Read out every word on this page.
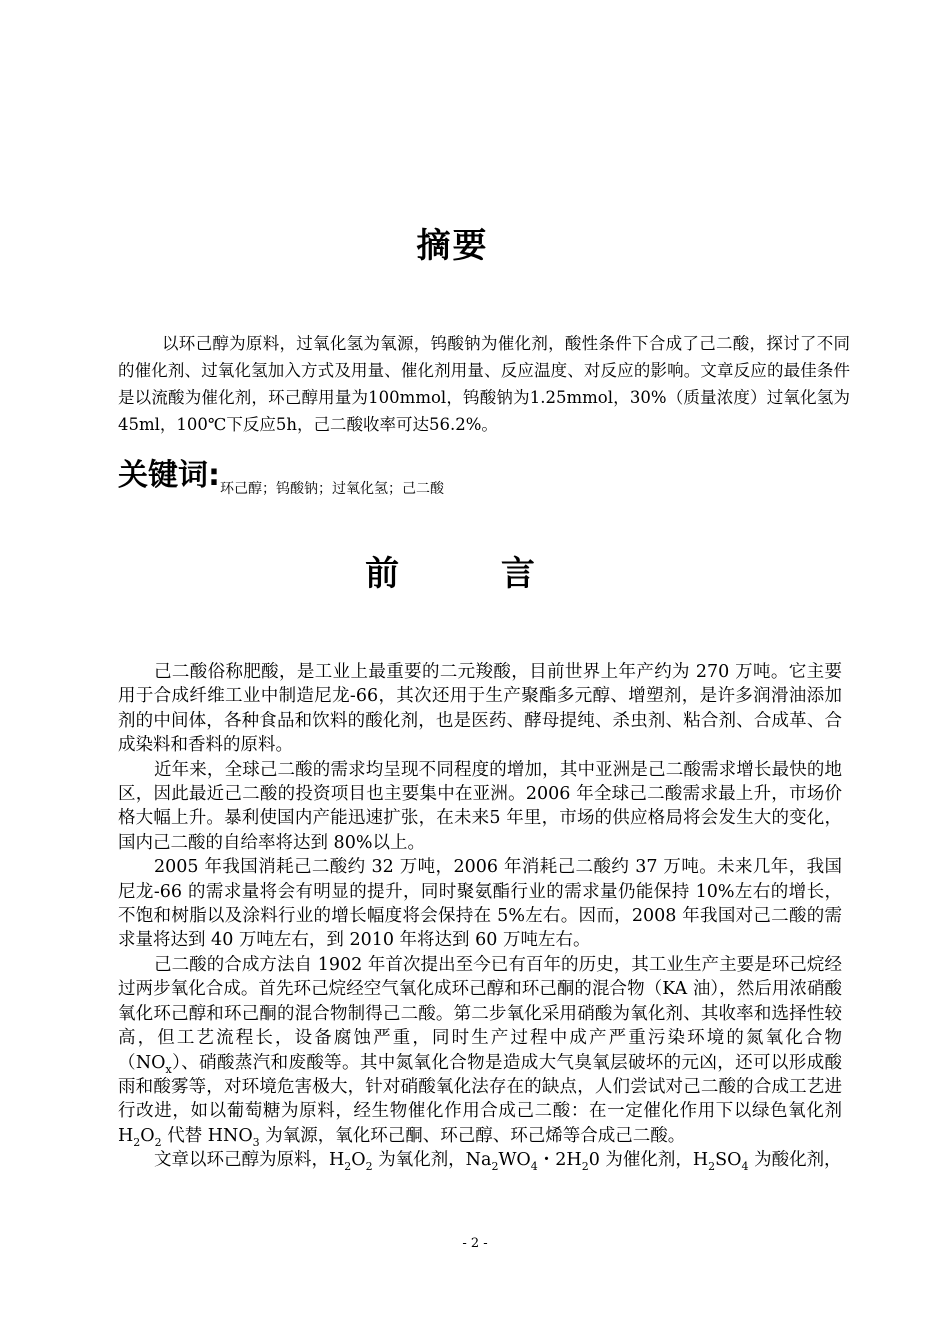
摘要

以环己醇为原料，过氧化氢为氧源，钨酸钠为催化剂，酸性条件下合成了己二酸，探讨了不同的催化剂、过氧化氢加入方式及用量、催化剂用量、反应温度、对反应的影响。文章反应的最佳条件是以流酸为催化剂，环己醇用量为100mmol，钨酸钠为1.25mmol，30%（质量浓度）过氧化氢为45ml，100℃下反应5h，己二酸收率可达56.2%。

关键词:环己醇；钨酸钠；过氧化氢；己二酸
前 言

己二酸俗称肥酸，是工业上最重要的二元羧酸，目前世界上年产约为 270 万吨。它主要用于合成纤维工业中制造尼龙-66，其次还用于生产聚酯多元醇、增塑剂，是许多润滑油添加剂的中间体，各种食品和饮料的酸化剂，也是医药、酵母提纯、杀虫剂、粘合剂、合成革、合成染料和香料的原料。

近年来，全球己二酸的需求均呈现不同程度的增加，其中亚洲是己二酸需求增长最快的地区，因此最近己二酸的投资项目也主要集中在亚洲。2006 年全球己二酸需求最上升，市场价格大幅上升。暴利使国内产能迅速扩张，在未来5 年里，市场的供应格局将会发生大的变化，国内己二酸的自给率将达到 80%以上。

2005 年我国消耗己二酸约 32 万吨，2006 年消耗己二酸约 37 万吨。未来几年，我国尼龙-66 的需求量将会有明显的提升，同时聚氨酯行业的需求量仍能保持 10%左右的增长，不饱和树脂以及涂料行业的增长幅度将会保持在 5%左右。因而，2008 年我国对己二酸的需求量将达到 40 万吨左右，到 2010 年将达到 60 万吨左右。

己二酸的合成方法自 1902 年首次提出至今已有百年的历史，其工业生产主要是环己烷经过两步氧化合成。首先环己烷经空气氧化成环己醇和环己酮的混合物（KA 油），然后用浓硝酸氧化环己醇和环己酮的混合物制得己二酸。第二步氧化采用硝酸为氧化剂、其收率和选择性较高，但工艺流程长，设备腐蚀严重，同时生产过程中成产严重污染环境的氮氧化合物$(NO_x)$、硝酸蒸汽和废酸等。其中氮氧化合物是造成大气臭氧层破坏的元凶，还可以形成酸雨和酸雾等，对环境危害极大，针对硝酸氧化法存在的缺点，人们尝试对己二酸的合成工艺进行改进，如以葡萄糖为原料，经生物催化作用合成己二酸：在一定催化作用下以绿色氧化剂 $H_2O_2$ 代替 $HNO_3$ 为氧源，氧化环己酮、环己醇、环己烯等合成己二酸。

文章以环己醇为原料，$H_2O_2$ 为氧化剂，$Na_2WO_4$・$2H_20$ 为催化剂，$H_2SO_4$ 为酸化剂，

- 2 -
